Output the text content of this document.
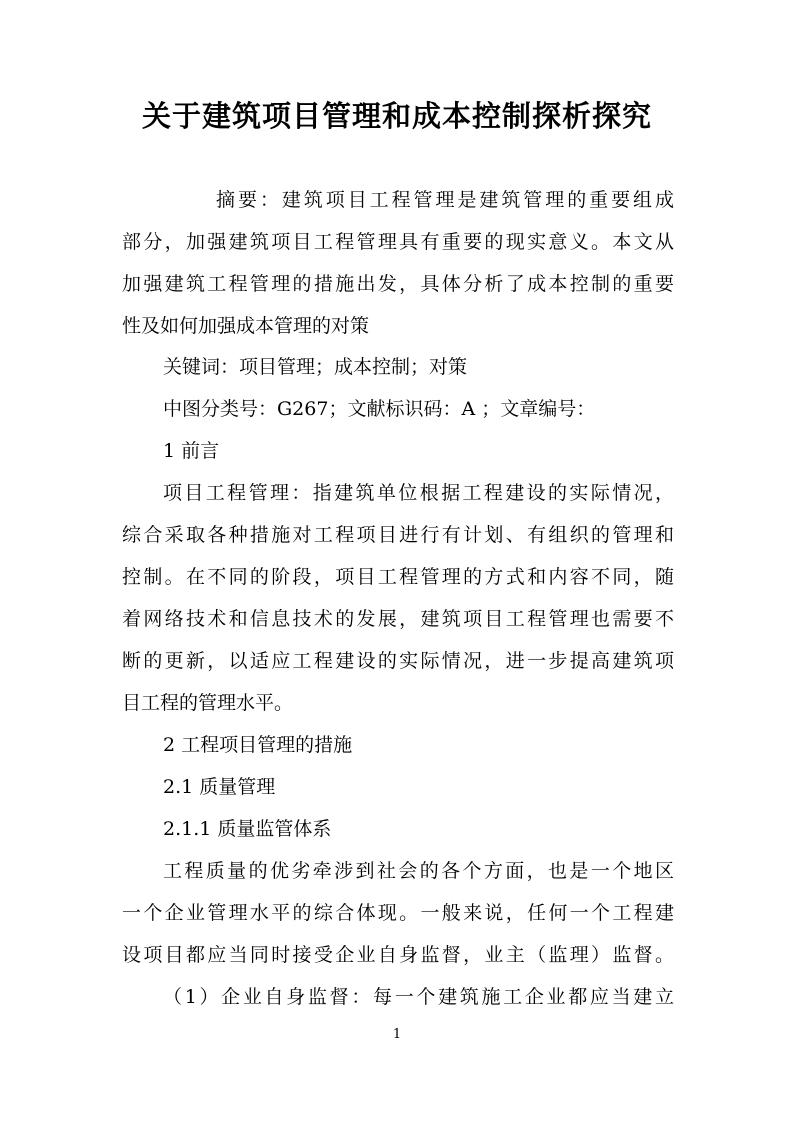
关于建筑项目管理和成本控制探析探究
摘要：建筑项目工程管理是建筑管理的重要组成
部分，加强建筑项目工程管理具有重要的现实意义。本文从
加强建筑工程管理的措施出发，具体分析了成本控制的重要
性及如何加强成本管理的对策
关键词：项目管理；成本控制；对策
中图分类号：G267；文献标识码：A ；文章编号：
1 前言
项目工程管理：指建筑单位根据工程建设的实际情况，
综合采取各种措施对工程项目进行有计划、有组织的管理和
控制。在不同的阶段，项目工程管理的方式和内容不同，随
着网络技术和信息技术的发展，建筑项目工程管理也需要不
断的更新，以适应工程建设的实际情况，进一步提高建筑项
目工程的管理水平。
2 工程项目管理的措施
2.1 质量管理
2.1.1 质量监管体系
工程质量的优劣牵涉到社会的各个方面，也是一个地区
一个企业管理水平的综合体现。一般来说，任何一个工程建
设项目都应当同时接受企业自身监督，业主（监理）监督。
（1）企业自身监督：每一个建筑施工企业都应当建立
1
